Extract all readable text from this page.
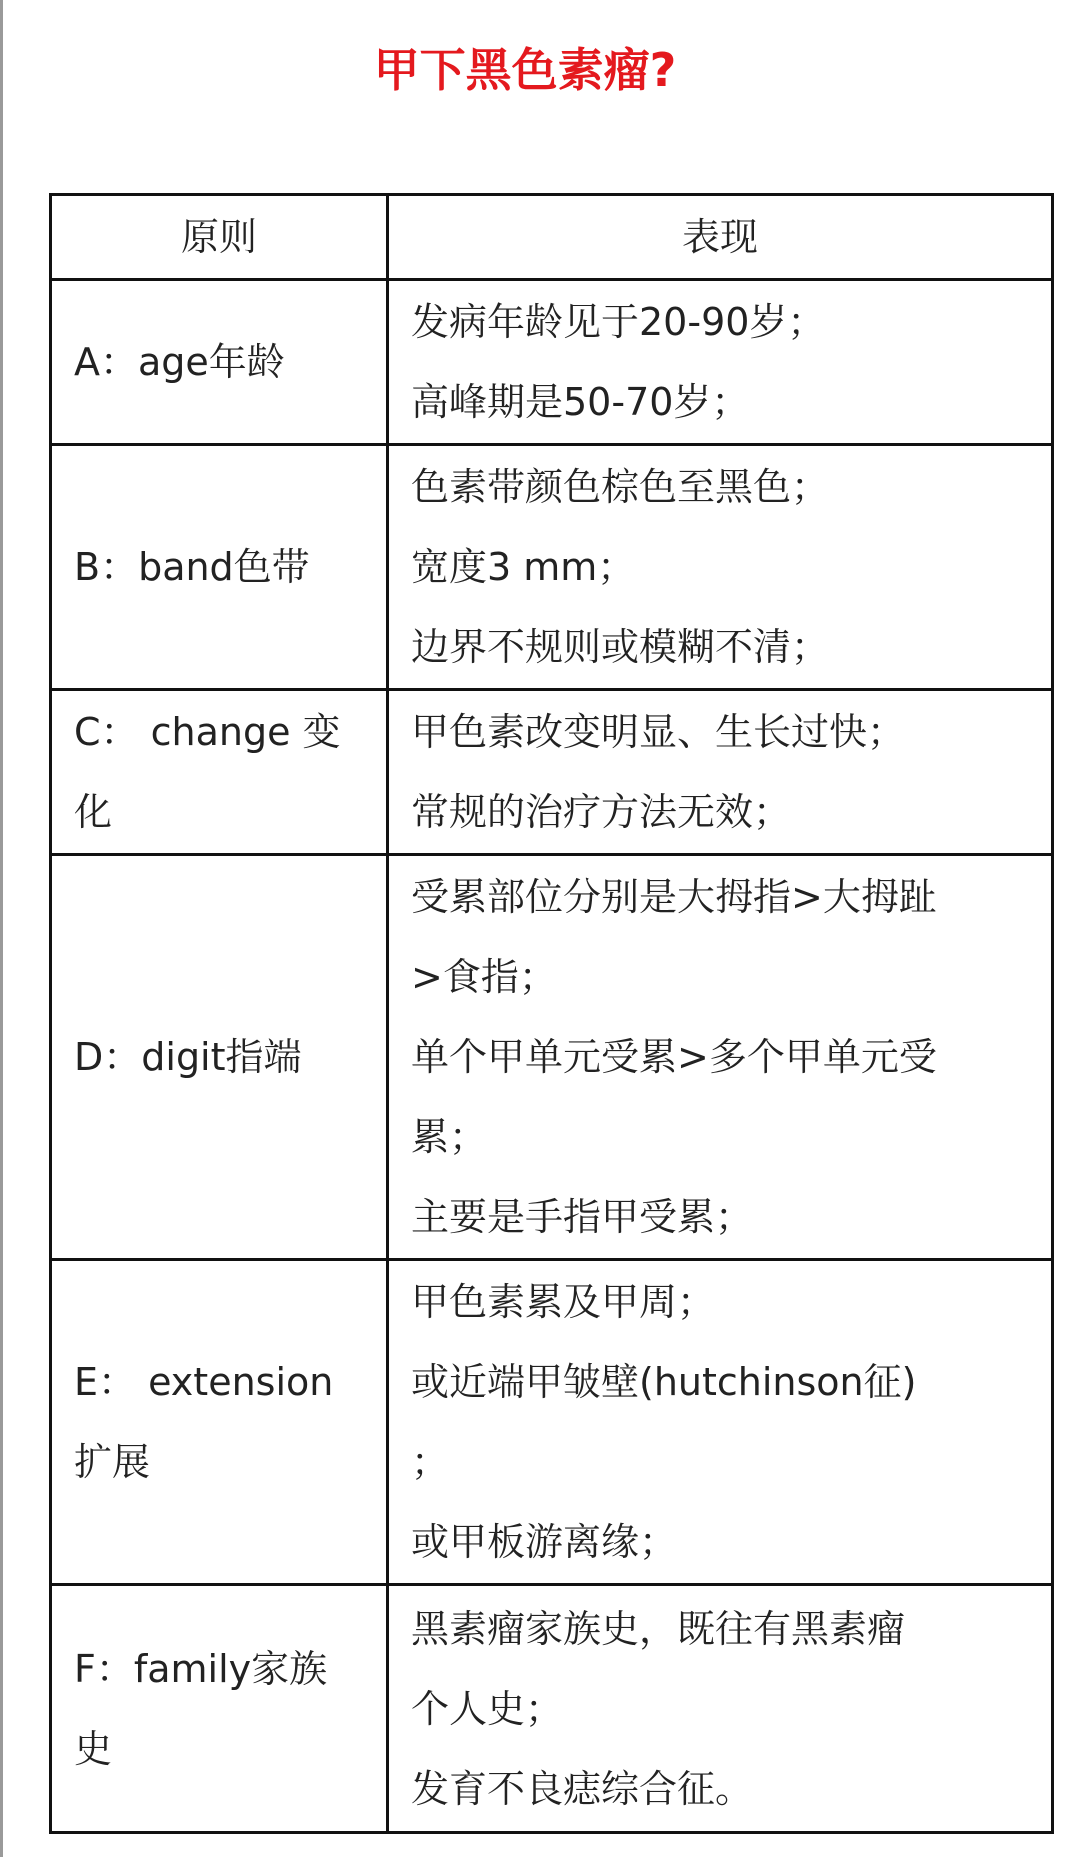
甲下黑色素瘤?
原则	表现

A：age年龄	发病年龄见于20-90岁；
高峰期是50-70岁；

B：band色带	色素带颜色棕色至黑色；
宽度3 mm；
边界不规则或模糊不清；

C： change 变
化	甲色素改变明显、生长过快；
常规的治疗方法无效；

D：digit指端	受累部位分别是大拇指>大拇趾
>食指；
单个甲单元受累>多个甲单元受
累；
主要是手指甲受累；

E： extension
扩展	甲色素累及甲周；
或近端甲皱壁(hutchinson征)
；
或甲板游离缘；

F：family家族
史	黑素瘤家族史，既往有黑素瘤
个人史；
发育不良痣综合征。
